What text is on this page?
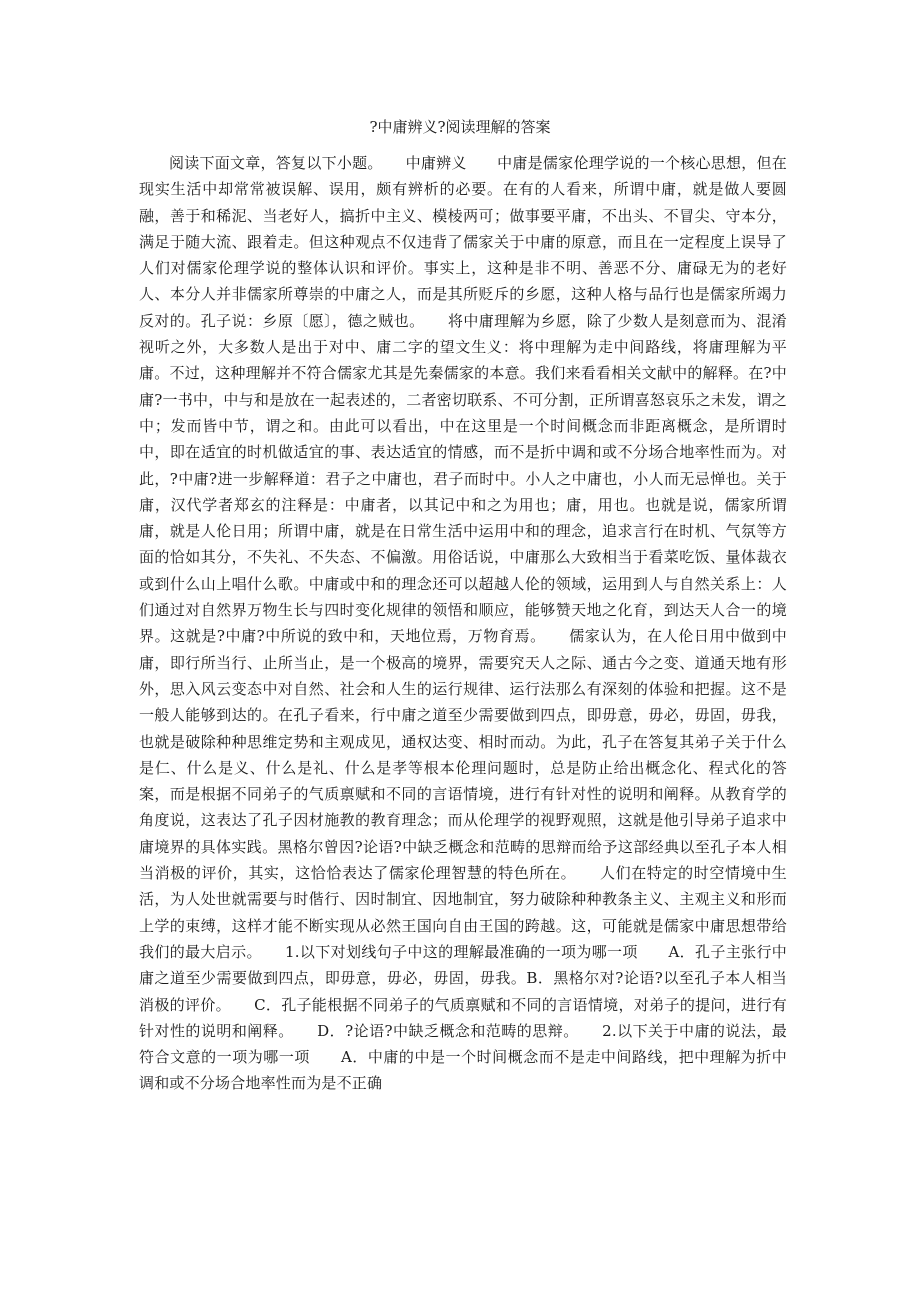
?中庸辨义?阅读理解的答案

阅读下面文章，答复以下小题。　　中庸辨义　　中庸是儒家伦理学说的一个核心思想，但在现实生活中却常常被误解、误用，颇有辨析的必要。在有的人看来，所谓中庸，就是做人要圆融，善于和稀泥、当老好人，搞折中主义、模棱两可；做事要平庸，不出头、不冒尖、守本分，满足于随大流、跟着走。但这种观点不仅违背了儒家关于中庸的原意，而且在一定程度上误导了人们对儒家伦理学说的整体认识和评价。事实上，这种是非不明、善恶不分、庸碌无为的老好人、本分人并非儒家所尊崇的中庸之人，而是其所贬斥的乡愿，这种人格与品行也是儒家所竭力反对的。孔子说：乡原〔愿〕，德之贼也。　　将中庸理解为乡愿，除了少数人是刻意而为、混淆视听之外，大多数人是出于对中、庸二字的望文生义：将中理解为走中间路线，将庸理解为平庸。不过，这种理解并不符合儒家尤其是先秦儒家的本意。我们来看看相关文献中的解释。在?中庸?一书中，中与和是放在一起表述的，二者密切联系、不可分割，正所谓喜怒哀乐之未发，谓之中；发而皆中节，谓之和。由此可以看出，中在这里是一个时间概念而非距离概念，是所谓时中，即在适宜的时机做适宜的事、表达适宜的情感，而不是折中调和或不分场合地率性而为。对此，?中庸?进一步解释道：君子之中庸也，君子而时中。小人之中庸也，小人而无忌惮也。关于庸，汉代学者郑玄的注释是：中庸者，以其记中和之为用也；庸，用也。也就是说，儒家所谓庸，就是人伦日用；所谓中庸，就是在日常生活中运用中和的理念，追求言行在时机、气氛等方面的恰如其分，不失礼、不失态、不偏激。用俗话说，中庸那么大致相当于看菜吃饭、量体裁衣或到什么山上唱什么歌。中庸或中和的理念还可以超越人伦的领域，运用到人与自然关系上：人们通过对自然界万物生长与四时变化规律的领悟和顺应，能够赞天地之化育，到达天人合一的境界。这就是?中庸?中所说的致中和，天地位焉，万物育焉。　　儒家认为，在人伦日用中做到中庸，即行所当行、止所当止，是一个极高的境界，需要究天人之际、通古今之变、道通天地有形外，思入风云变态中对自然、社会和人生的运行规律、运行法那么有深刻的体验和把握。这不是一般人能够到达的。在孔子看来，行中庸之道至少需要做到四点，即毋意，毋必，毋固，毋我，也就是破除种种思维定势和主观成见，通权达变、相时而动。为此，孔子在答复其弟子关于什么是仁、什么是义、什么是礼、什么是孝等根本伦理问题时，总是防止给出概念化、程式化的答案，而是根据不同弟子的气质禀赋和不同的言语情境，进行有针对性的说明和阐释。从教育学的角度说，这表达了孔子因材施教的教育理念；而从伦理学的视野观照，这就是他引导弟子追求中庸境界的具体实践。黑格尔曾因?论语?中缺乏概念和范畴的思辩而给予这部经典以至孔子本人相当消极的评价，其实，这恰恰表达了儒家伦理智慧的特色所在。　　人们在特定的时空情境中生活，为人处世就需要与时偕行、因时制宜、因地制宜，努力破除种种教条主义、主观主义和形而上学的束缚，这样才能不断实现从必然王国向自由王国的跨越。这，可能就是儒家中庸思想带给我们的最大启示。　　1.以下对划线句子中这的理解最准确的一项为哪一项　　A．孔子主张行中庸之道至少需要做到四点，即毋意，毋必，毋固，毋我。B．黑格尔对?论语?以至孔子本人相当消极的评价。　　C．孔子能根据不同弟子的气质禀赋和不同的言语情境，对弟子的提问，进行有针对性的说明和阐释。　　D．?论语?中缺乏概念和范畴的思辩。　　2.以下关于中庸的说法，最符合文意的一项为哪一项　　A．中庸的中是一个时间概念而不是走中间路线，把中理解为折中调和或不分场合地率性而为是不正确
